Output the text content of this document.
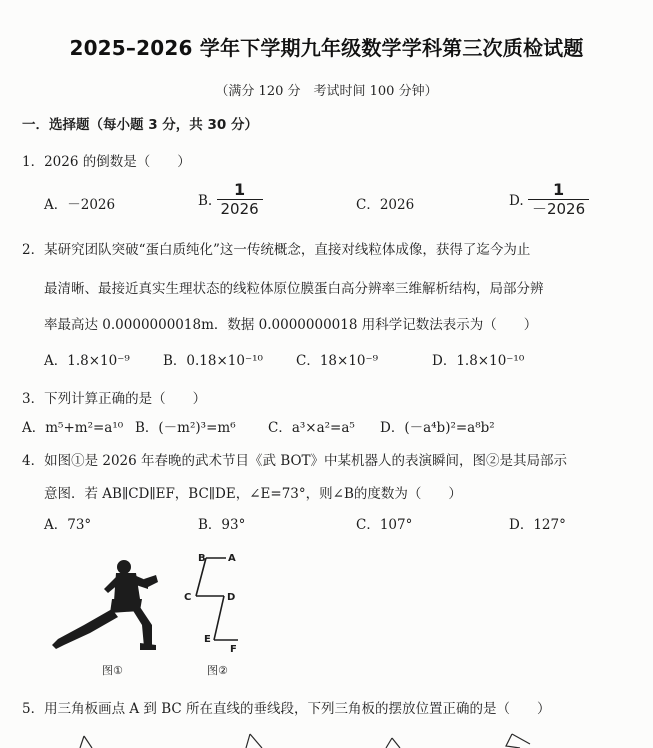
2025–2026 学年下学期九年级数学学科第三次质检试题
（满分 120 分　考试时间 100 分钟）
一．选择题（每小题 3 分，共 30 分）
1．2026 的倒数是（　　）
A．－2026	B. $\frac{1}{2026}$	C．2026	D. $\frac{1}{-2026}$
2．某研究团队突破“蛋白质纯化”这一传统概念，直接对线粒体成像，获得了迄今为止
最清晰、最接近真实生理状态的线粒体原位膜蛋白高分辨率三维解析结构，局部分辨
率最高达 0.0000000018m．数据 0.0000000018 用科学记数法表示为（　　）
A．1.8×10⁻⁹ B．0.18×10⁻¹⁰ C．18×10⁻⁹	D．1.8×10⁻¹⁰
3．下列计算正确的是（　　）
A．m⁵+m²=a¹⁰ B．(－m²)³=m⁶ C．a³×a²=a⁵ D．(－a⁴b)²=a⁸b²
4．如图①是 2026 年春晚的武术节目《武 BOT》中某机器人的表演瞬间，图②是其局部示
意图．若 AB∥CD∥EF，BC∥DE，∠E=73°，则∠B的度数为（　　）
A．73°	B．93°	C．107°	D．127°
图①
B A
C	D
E
F
图②
5．用三角板画点 A 到 BC 所在直线的垂线段，下列三角板的摆放位置正确的是（　　）
